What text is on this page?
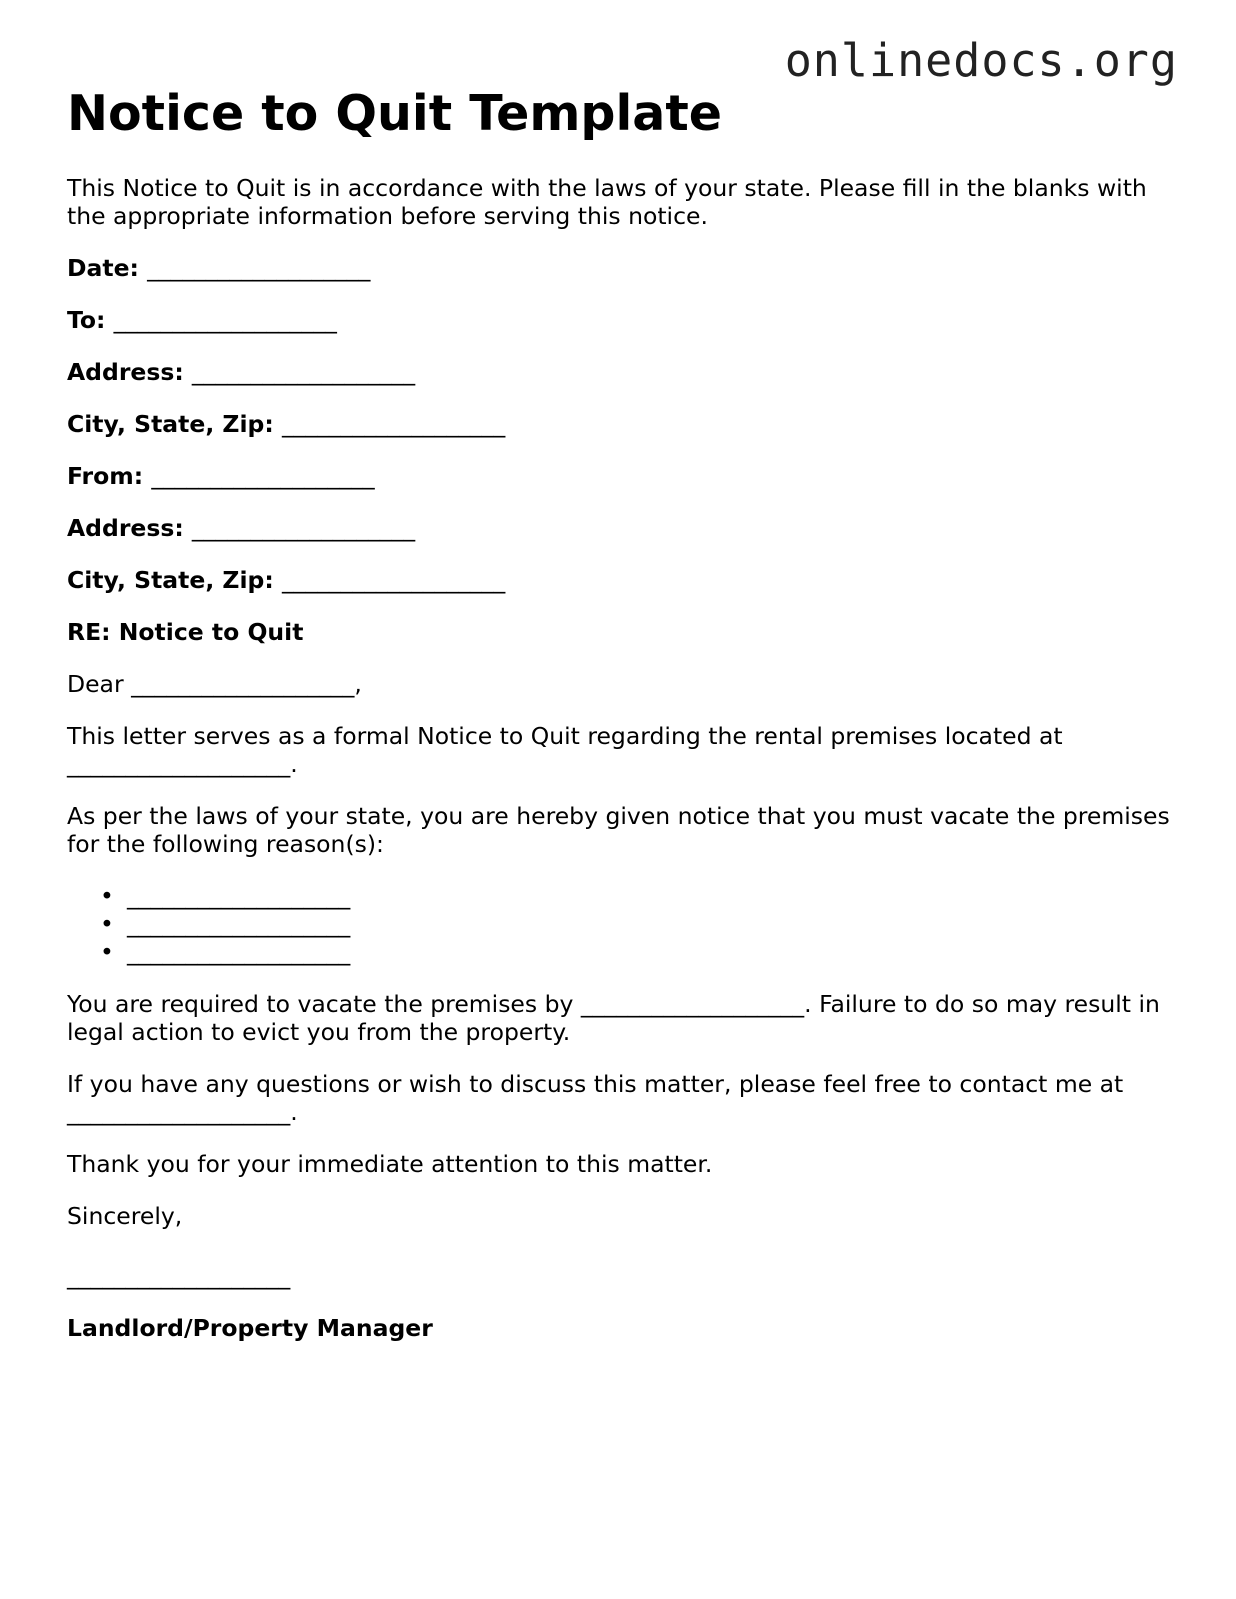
onlinedocs.org
Notice to Quit Template

This Notice to Quit is in accordance with the laws of your state. Please fill in the blanks with the appropriate information before serving this notice.

Date: ___________________

To: ___________________

Address: ___________________

City, State, Zip: ___________________

From: ___________________

Address: ___________________

City, State, Zip: ___________________

RE: Notice to Quit

Dear ___________________,

This letter serves as a formal Notice to Quit regarding the rental premises located at ___________________.

As per the laws of your state, you are hereby given notice that you must vacate the premises for the following reason(s):

• ___________________
• ___________________
• ___________________

You are required to vacate the premises by ___________________. Failure to do so may result in legal action to evict you from the property.

If you have any questions or wish to discuss this matter, please feel free to contact me at ___________________.

Thank you for your immediate attention to this matter.

Sincerely,

___________________

Landlord/Property Manager
